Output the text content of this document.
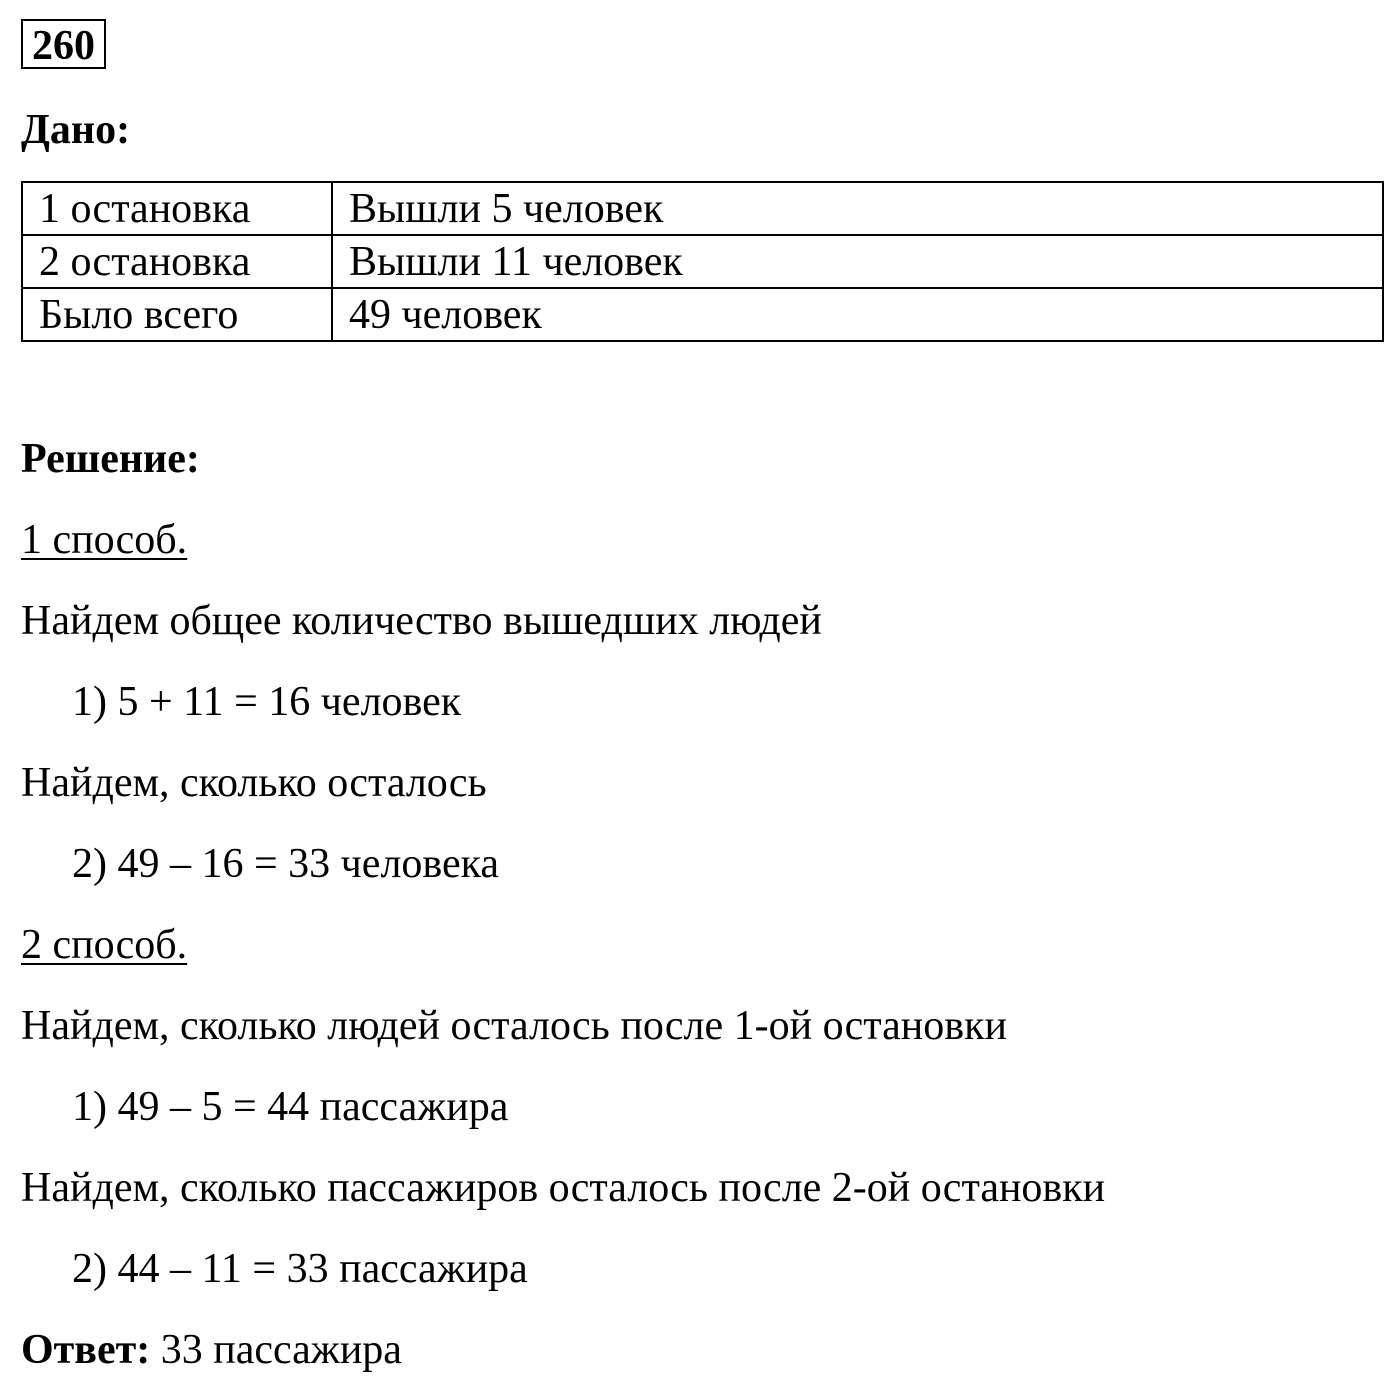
260
Дано:
1 остановка	Вышли 5 человек
2 остановка	Вышли 11 человек
Было всего	49 человек
Решение:
1 способ.
Найдем общее количество вышедших людей
1) 5 + 11 = 16 человек
Найдем, сколько осталось
2) 49 – 16 = 33 человека
2 способ.
Найдем, сколько людей осталось после 1-ой остановки
1) 49 – 5 = 44 пассажира
Найдем, сколько пассажиров осталось после 2-ой остановки
2) 44 – 11 = 33 пассажира
Ответ: 33 пассажира
